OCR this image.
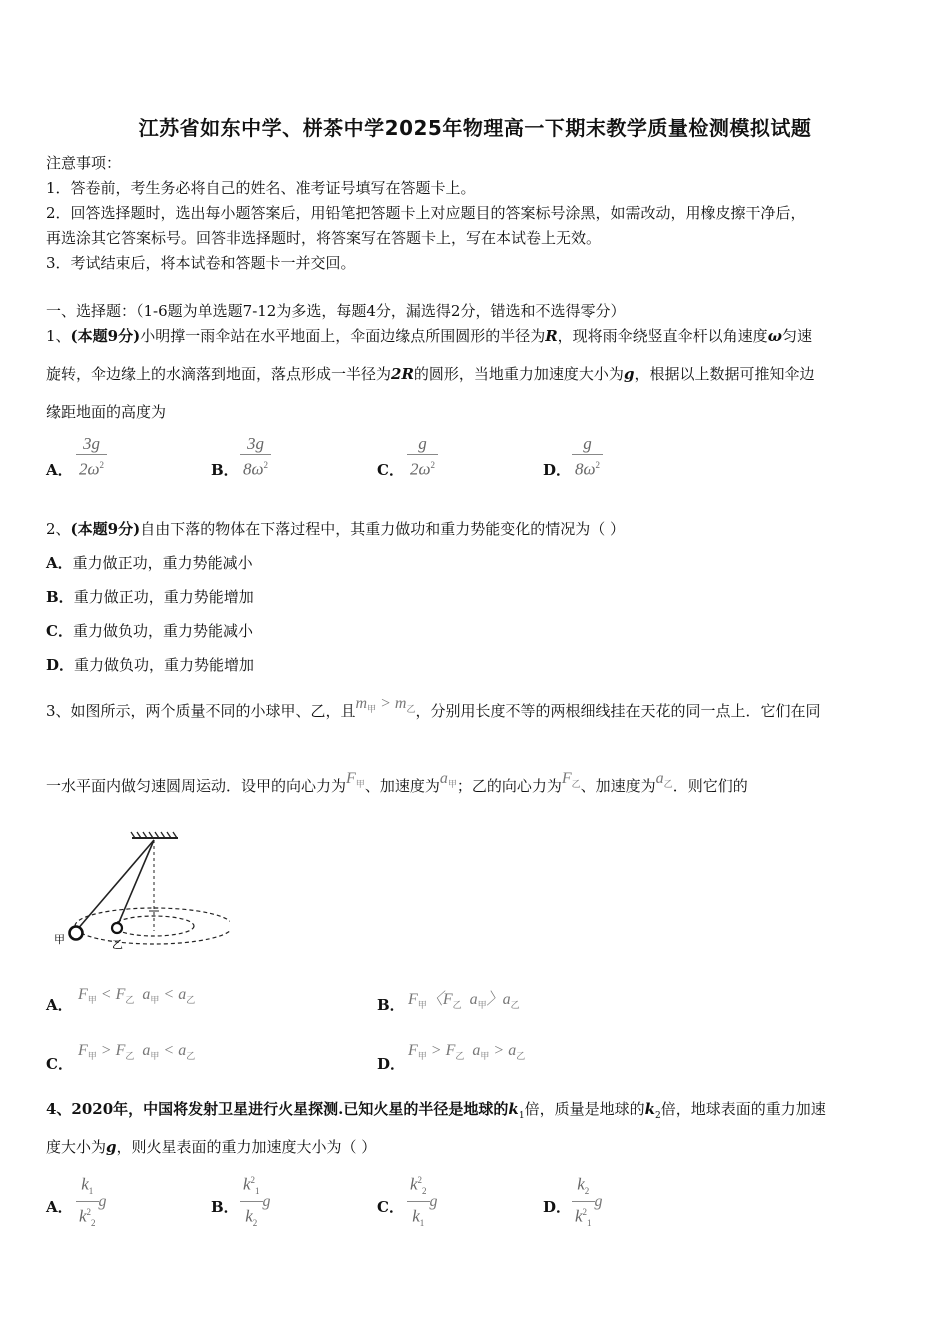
江苏省如东中学、栟茶中学2025年物理高一下期末教学质量检测模拟试题
注意事项：
1．答卷前，考生务必将自己的姓名、准考证号填写在答题卡上。
2．回答选择题时，选出每小题答案后，用铅笔把答题卡上对应题目的答案标号涂黑，如需改动，用橡皮擦干净后，
再选涂其它答案标号。回答非选择题时，将答案写在答题卡上，写在本试卷上无效。
3．考试结束后，将本试卷和答题卡一并交回。
一、选择题：（1-6题为单选题7-12为多选，每题4分，漏选得2分，错选和不选得零分）
1、(本题9分)小明撑一雨伞站在水平地面上，伞面边缘点所围圆形的半径为R，现将雨伞绕竖直伞杆以角速度ω匀速
旋转，伞边缘上的水滴落到地面，落点形成一半径为2R的圆形，当地重力加速度大小为g，根据以上数据可推知伞边
缘距地面的高度为
A．
3g
$2\omega^2$	B．
3g
$8\omega^2$	C．
g
$2\omega^2$	D．
g
$8\omega^2$
2、(本题9分)自由下落的物体在下落过程中，其重力做功和重力势能变化的情况为（ ）
A．重力做正功，重力势能减小
B．重力做正功，重力势能增加
C．重力做负功，重力势能减小
D．重力做负功，重力势能增加
3、如图所示，两个质量不同的小球甲、乙，且$m_甲 > m_乙$，分别用长度不等的两根细线挂在天花的同一点上．它们在同
一水平面内做匀速圆周运动．设甲的向心力为$F_甲$、加速度为$a_甲$；乙的向心力为$F_乙$、加速度为$a_乙$．则它们的
甲	乙
A．
$F_甲 < F_乙$ $a_甲 < a_乙$	B． $F_甲$〈$F_乙$ $a_甲$〉$a_乙$
C．
$F_甲 > F_乙$ $a_甲 < a_乙$	D．
$F_甲 > F_乙$ $a_甲 > a_乙$
4、2020年，中国将发射卫星进行火星探测.已知火星的半径是地球的$k_1$倍，质量是地球的$k_2$倍，地球表面的重力加速
度大小为g，则火星表面的重力加速度大小为（ ）
A． $\frac{k_1}{k^2_2}$ g	B． $\frac{k^2_1}{k_2}$ g	C． $\frac{k^2_2}{k_1}$ g	D． $\frac{k_2}{k^2_1}$ g
